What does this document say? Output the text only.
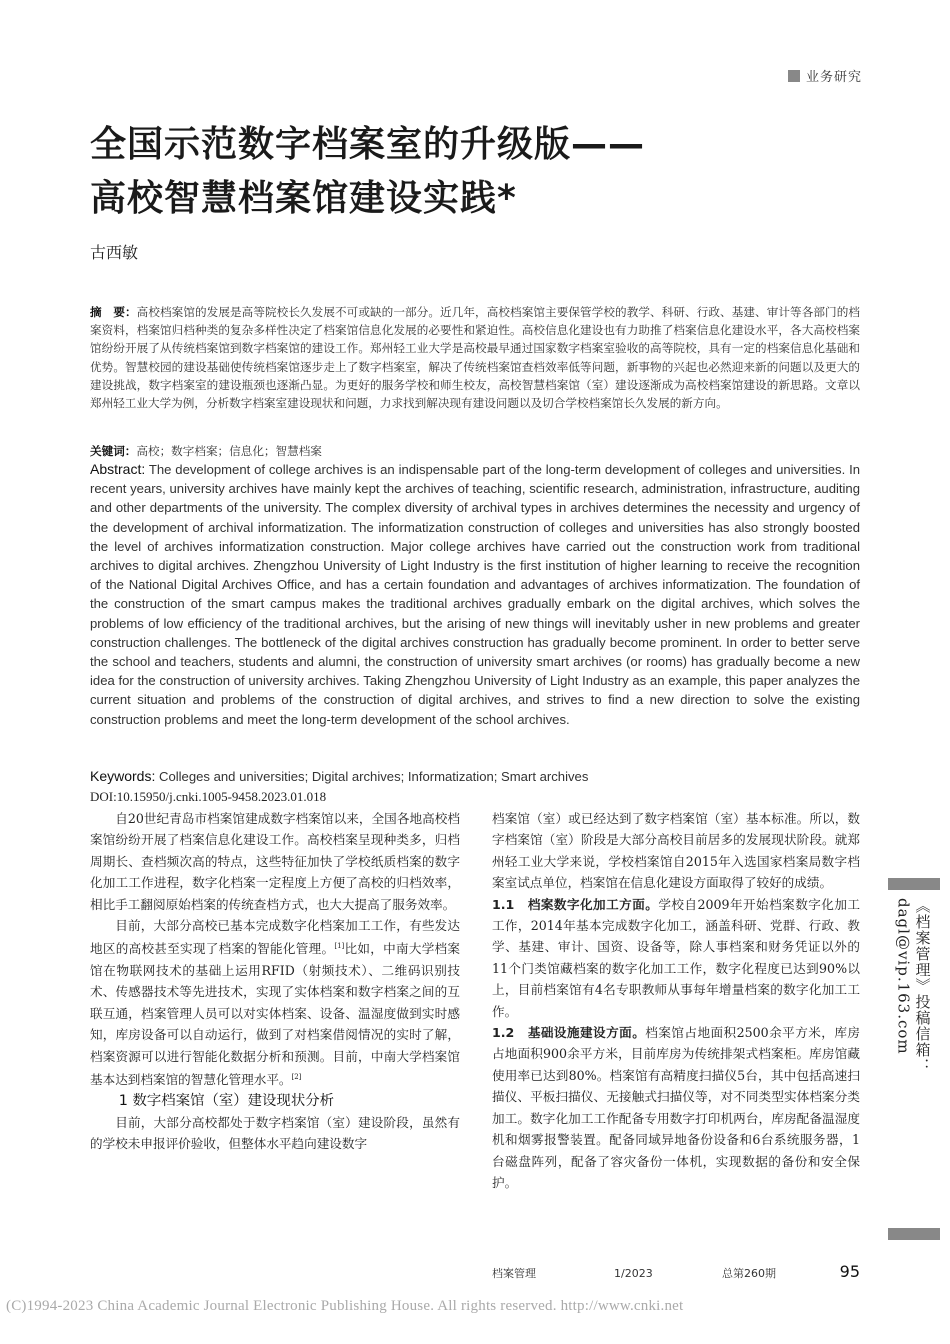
业务研究
全国示范数字档案室的升级版——
高校智慧档案馆建设实践*
古西敏
摘　要：高校档案馆的发展是高等院校长久发展不可或缺的一部分。近几年，高校档案馆主要保管学校的教学、科研、行政、基建、审计等各部门的档案资料，档案馆归档种类的复杂多样性决定了档案馆信息化发展的必要性和紧迫性。高校信息化建设也有力助推了档案信息化建设水平，各大高校档案馆纷纷开展了从传统档案馆到数字档案馆的建设工作。郑州轻工业大学是高校最早通过国家数字档案室验收的高等院校，具有一定的档案信息化基础和优势。智慧校园的建设基础使传统档案馆逐步走上了数字档案室，解决了传统档案馆查档效率低等问题，新事物的兴起也必然迎来新的问题以及更大的建设挑战，数字档案室的建设瓶颈也逐渐凸显。为更好的服务学校和师生校友，高校智慧档案馆（室）建设逐渐成为高校档案馆建设的新思路。文章以郑州轻工业大学为例，分析数字档案室建设现状和问题，力求找到解决现有建设问题以及切合学校档案馆长久发展的新方向。
关键词：高校；数字档案；信息化；智慧档案
Abstract: The development of college archives is an indispensable part of the long-term development of colleges and universities. In recent years, university archives have mainly kept the archives of teaching, scientific research, administration, infrastructure, auditing and other departments of the university. The complex diversity of archival types in archives determines the necessity and urgency of the development of archival informatization. The informatization construction of colleges and universities has also strongly boosted the level of archives informatization construction. Major college archives have carried out the construction work from traditional archives to digital archives. Zhengzhou University of Light Industry is the first institution of higher learning to receive the recognition of the National Digital Archives Office, and has a certain foundation and advantages of archives informatization. The foundation of the construction of the smart campus makes the traditional archives gradually embark on the digital archives, which solves the problems of low efficiency of the traditional archives, but the arising of new things will inevitably usher in new problems and greater construction challenges. The bottleneck of the digital archives construction has gradually become prominent. In order to better serve the school and teachers, students and alumni, the construction of university smart archives (or rooms) has gradually become a new idea for the construction of university archives. Taking Zhengzhou University of Light Industry as an example, this paper analyzes the current situation and problems of the construction of digital archives, and strives to find a new direction to solve the existing construction problems and meet the long-term development of the school archives.
Keywords: Colleges and universities; Digital archives; Informatization; Smart archives
DOI:10.15950/j.cnki.1005-9458.2023.01.018

自20世纪青岛市档案馆建成数字档案馆以来，全国各地高校档案馆纷纷开展了档案信息化建设工作。高校档案呈现种类多，归档周期长、查档频次高的特点，这些特征加快了学校纸质档案的数字化加工工作进程，数字化档案一定程度上方便了高校的归档效率，相比手工翻阅原始档案的传统查档方式，也大大提高了服务效率。

目前，大部分高校已基本完成数字化档案加工工作，有些发达地区的高校甚至实现了档案的智能化管理。[1]比如，中南大学档案馆在物联网技术的基础上运用RFID（射频技术）、二维码识别技术、传感器技术等先进技术，实现了实体档案和数字档案之间的互联互通，档案管理人员可以对实体档案、设备、温湿度做到实时感知，库房设备可以自动运行，做到了对档案借阅情况的实时了解，档案资源可以进行智能化数据分析和预测。目前，中南大学档案馆基本达到档案馆的智慧化管理水平。[2]

1 数字档案馆（室）建设现状分析

目前，大部分高校都处于数字档案馆（室）建设阶段，虽然有的学校未申报评价验收，但整体水平趋向建设数字

档案馆（室）或已经达到了数字档案馆（室）基本标准。所以，数字档案馆（室）阶段是大部分高校目前居多的发展现状阶段。就郑州轻工业大学来说，学校档案馆自2015年入选国家档案局数字档案室试点单位，档案馆在信息化建设方面取得了较好的成绩。

1.1　档案数字化加工方面。学校自2009年开始档案数字化加工工作，2014年基本完成数字化加工，涵盖科研、党群、行政、教学、基建、审计、国资、设备等，除人事档案和财务凭证以外的11个门类馆藏档案的数字化加工工作，数字化程度已达到90%以上，目前档案馆有4名专职教师从事每年增量档案的数字化加工工作。

1.2　基础设施建设方面。档案馆占地面积2500余平方米，库房占地面积900余平方米，目前库房为传统排架式档案柜。库房馆藏使用率已达到80%。档案馆有高精度扫描仪5台，其中包括高速扫描仪、平板扫描仪、无接触式扫描仪等，对不同类型实体档案分类加工。数字化加工工作配备专用数字打印机两台，库房配备温湿度机和烟雾报警装置。配备同域异地备份设备和6台系统服务器，1台磁盘阵列，配备了容灾备份一体机，实现数据的备份和安全保护。

《档案管理》投稿信箱：dagl@vip.163.com
档案管理	1/2023	总第260期	95
(C)1994-2023 China Academic Journal Electronic Publishing House. All rights reserved. http://www.cnki.net
